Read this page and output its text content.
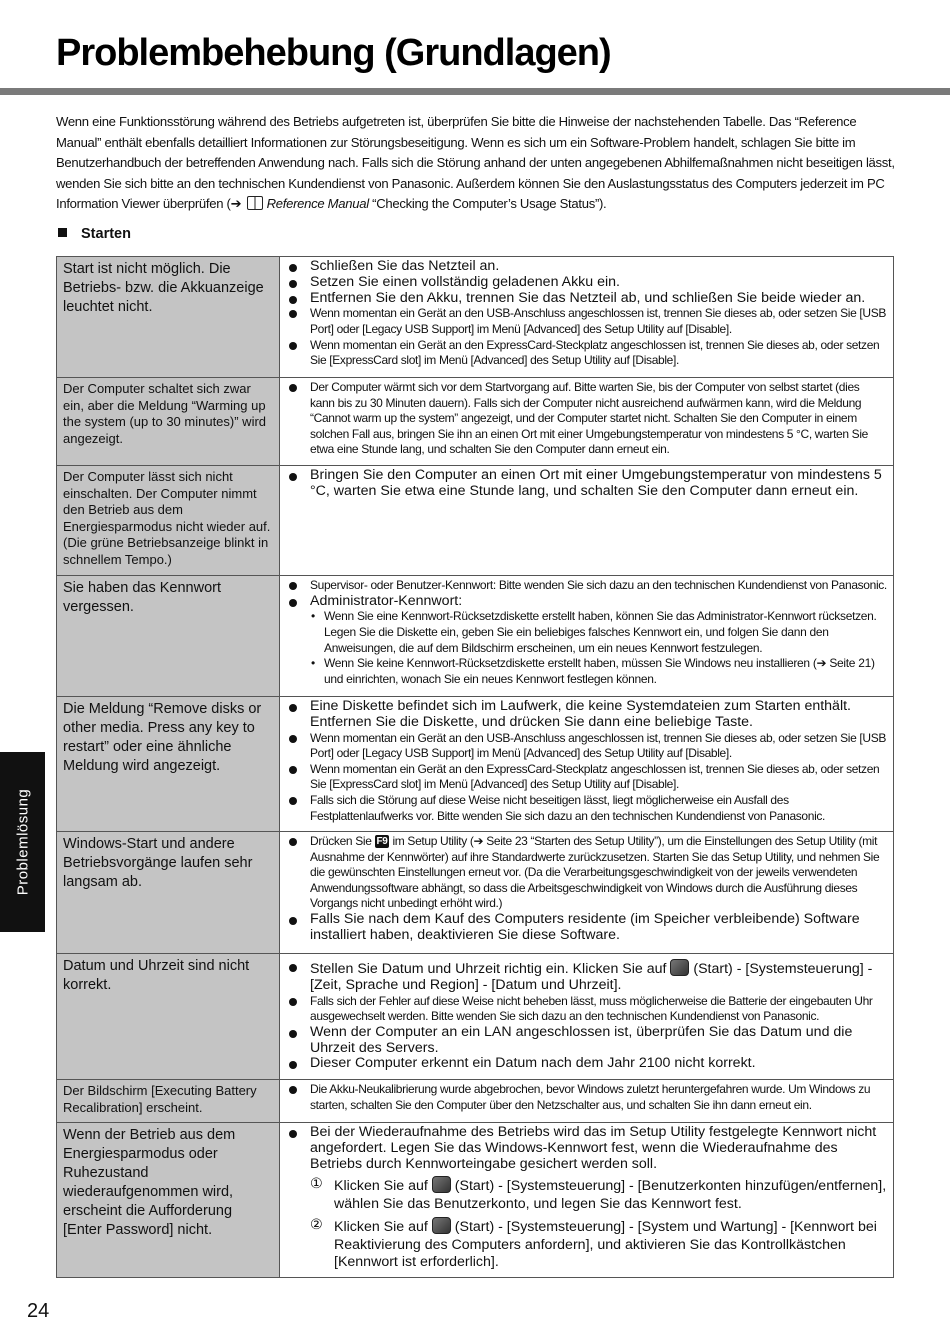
Problembehebung (Grundlagen)

Wenn eine Funktionsstörung während des Betriebs aufgetreten ist, überprüfen Sie bitte die Hinweise der nachstehenden Tabelle. Das “Reference Manual” enthält ebenfalls detailliert Informationen zur Störungsbeseitigung. Wenn es sich um ein Software-Problem handelt, schlagen Sie bitte im Benutzerhandbuch der betreffenden Anwendung nach. Falls sich die Störung anhand der unten angegebenen Abhilfemaßnahmen nicht beseitigen lässt, wenden Sie sich bitte an den technischen Kundendienst von Panasonic. Außerdem können Sie den Auslastungsstatus des Computers jederzeit im PC Information Viewer überprüfen (➔ Reference Manual “Checking the Computer’s Usage Status”).

Starten
Start ist nicht möglich. Die Betriebs- bzw. die Akkuanzeige leuchtet nicht.	Schließen Sie das Netzteil an.
Setzen Sie einen vollständig geladenen Akku ein.
Entfernen Sie den Akku, trennen Sie das Netzteil ab, und schließen Sie beide wieder an.
Wenn momentan ein Gerät an den USB-Anschluss angeschlossen ist, trennen Sie dieses ab, oder setzen Sie [USB Port] oder [Legacy USB Support] im Menü [Advanced] des Setup Utility auf [Disable].
Wenn momentan ein Gerät an den ExpressCard-Steckplatz angeschlossen ist, trennen Sie dieses ab, oder setzen Sie [ExpressCard slot] im Menü [Advanced] des Setup Utility auf [Disable].

Der Computer schaltet sich zwar ein, aber die Meldung “Warming up the system (up to 30 minutes)” wird angezeigt.	Der Computer wärmt sich vor dem Startvorgang auf. Bitte warten Sie, bis der Computer von selbst startet (dies kann bis zu 30 Minuten dauern). Falls sich der Computer nicht ausreichend aufwärmen kann, wird die Meldung “Cannot warm up the system” angezeigt, und der Computer startet nicht. Schalten Sie den Computer in einem solchen Fall aus, bringen Sie ihn an einen Ort mit einer Umgebungstemperatur von mindestens 5 °C, warten Sie etwa eine Stunde lang, und schalten Sie den Computer dann erneut ein.

Der Computer lässt sich nicht einschalten. Der Computer nimmt den Betrieb aus dem Energiesparmodus nicht wieder auf. (Die grüne Betriebsanzeige blinkt in schnellem Tempo.)	Bringen Sie den Computer an einen Ort mit einer Umgebungstemperatur von mindestens 5 °C, warten Sie etwa eine Stunde lang, und schalten Sie den Computer dann erneut ein.

Sie haben das Kennwort vergessen.	Supervisor- oder Benutzer-Kennwort: Bitte wenden Sie sich dazu an den technischen Kundendienst von Panasonic.
Administrator-Kennwort:
• Wenn Sie eine Kennwort-Rücksetzdiskette erstellt haben, können Sie das Administrator-Kennwort rücksetzen. Legen Sie die Diskette ein, geben Sie ein beliebiges falsches Kennwort ein, und folgen Sie dann den Anweisungen, die auf dem Bildschirm erscheinen, um ein neues Kennwort festzulegen.
• Wenn Sie keine Kennwort-Rücksetzdiskette erstellt haben, müssen Sie Windows neu installieren (➔ Seite 21) und einrichten, wonach Sie ein neues Kennwort festlegen können.

Die Meldung “Remove disks or other media. Press any key to restart” oder eine ähnliche Meldung wird angezeigt.	Eine Diskette befindet sich im Laufwerk, die keine Systemdateien zum Starten enthält. Entfernen Sie die Diskette, und drücken Sie dann eine beliebige Taste.
Wenn momentan ein Gerät an den USB-Anschluss angeschlossen ist, trennen Sie dieses ab, oder setzen Sie [USB Port] oder [Legacy USB Support] im Menü [Advanced] des Setup Utility auf [Disable].
Wenn momentan ein Gerät an den ExpressCard-Steckplatz angeschlossen ist, trennen Sie dieses ab, oder setzen Sie [ExpressCard slot] im Menü [Advanced] des Setup Utility auf [Disable].
Falls sich die Störung auf diese Weise nicht beseitigen lässt, liegt möglicherweise ein Ausfall des Festplattenlaufwerks vor. Bitte wenden Sie sich dazu an den technischen Kundendienst von Panasonic.

Windows-Start und andere Betriebsvorgänge laufen sehr langsam ab.	Drücken Sie F9 im Setup Utility (➔ Seite 23 “Starten des Setup Utility”), um die Einstellungen des Setup Utility (mit Ausnahme der Kennwörter) auf ihre Standardwerte zurückzusetzen. Starten Sie das Setup Utility, und nehmen Sie die gewünschten Einstellungen erneut vor. (Da die Verarbeitungsgeschwindigkeit von der jeweils verwendeten Anwendungssoftware abhängt, so dass die Arbeitsgeschwindigkeit von Windows durch die Ausführung dieses Vorgangs nicht unbedingt erhöht wird.)
Falls Sie nach dem Kauf des Computers residente (im Speicher verbleibende) Software installiert haben, deaktivieren Sie diese Software.

Datum und Uhrzeit sind nicht korrekt.	Stellen Sie Datum und Uhrzeit richtig ein. Klicken Sie auf (Start) - [Systemsteuerung] - [Zeit, Sprache und Region] - [Datum und Uhrzeit].
Falls sich der Fehler auf diese Weise nicht beheben lässt, muss möglicherweise die Batterie der eingebauten Uhr ausgewechselt werden. Bitte wenden Sie sich dazu an den technischen Kundendienst von Panasonic.
Wenn der Computer an ein LAN angeschlossen ist, überprüfen Sie das Datum und die Uhrzeit des Servers.
Dieser Computer erkennt ein Datum nach dem Jahr 2100 nicht korrekt.

Der Bildschirm [Executing Battery Recalibration] erscheint.	Die Akku-Neukalibrierung wurde abgebrochen, bevor Windows zuletzt heruntergefahren wurde. Um Windows zu starten, schalten Sie den Computer über den Netzschalter aus, und schalten Sie ihn dann erneut ein.

Wenn der Betrieb aus dem Energiesparmodus oder Ruhezustand wiederaufgenommen wird, erscheint die Aufforderung [Enter Password] nicht.	Bei der Wiederaufnahme des Betriebs wird das im Setup Utility festgelegte Kennwort nicht angefordert. Legen Sie das Windows-Kennwort fest, wenn die Wiederaufnahme des Betriebs durch Kennworteingabe gesichert werden soll.
① Klicken Sie auf (Start) - [Systemsteuerung] - [Benutzerkonten hinzufügen/entfernen], wählen Sie das Benutzerkonto, und legen Sie das Kennwort fest.
② Klicken Sie auf (Start) - [Systemsteuerung] - [System und Wartung] - [Kennwort bei Reaktivierung des Computers anfordern], und aktivieren Sie das Kontrollkästchen [Kennwort ist erforderlich].
Problemlösung
24
